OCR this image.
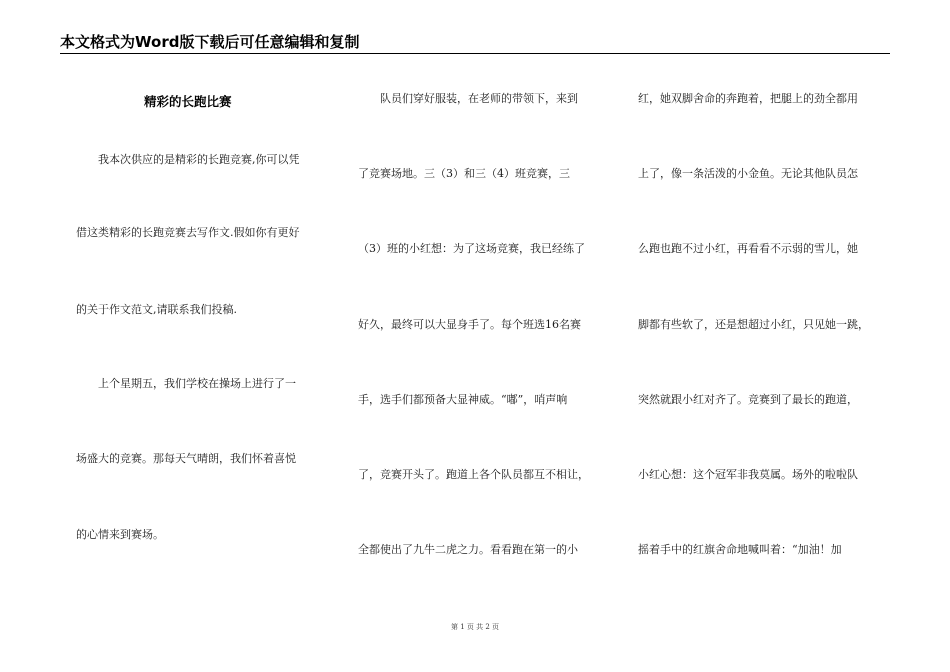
本文格式为Word版下载后可任意编辑和复制
精彩的长跑比赛
我本次供应的是精彩的长跑竞赛,你可以凭
借这类精彩的长跑竞赛去写作文.假如你有更好
的关于作文范文,请联系我们投稿.
上个星期五，我们学校在操场上进行了一
场盛大的竞赛。那每天气晴朗，我们怀着喜悦
的心情来到赛场。
队员们穿好服装，在老师的带领下，来到
了竞赛场地。三（3）和三（4）班竞赛，三
（3）班的小红想：为了这场竞赛，我已经练了
好久，最终可以大显身手了。每个班选16名赛
手，选手们都预备大显神威。“嘟”，哨声响
了，竞赛开头了。跑道上各个队员都互不相让，
全都使出了九牛二虎之力。看看跑在第一的小
红，她双脚舍命的奔跑着，把腿上的劲全都用
上了，像一条活泼的小金鱼。无论其他队员怎
么跑也跑不过小红，再看看不示弱的雪儿，她
脚都有些软了，还是想超过小红，只见她一跳，
突然就跟小红对齐了。竞赛到了最长的跑道，
小红心想：这个冠军非我莫属。场外的啦啦队
摇着手中的红旗舍命地喊叫着：“加油！加
第 1 页 共 2 页
